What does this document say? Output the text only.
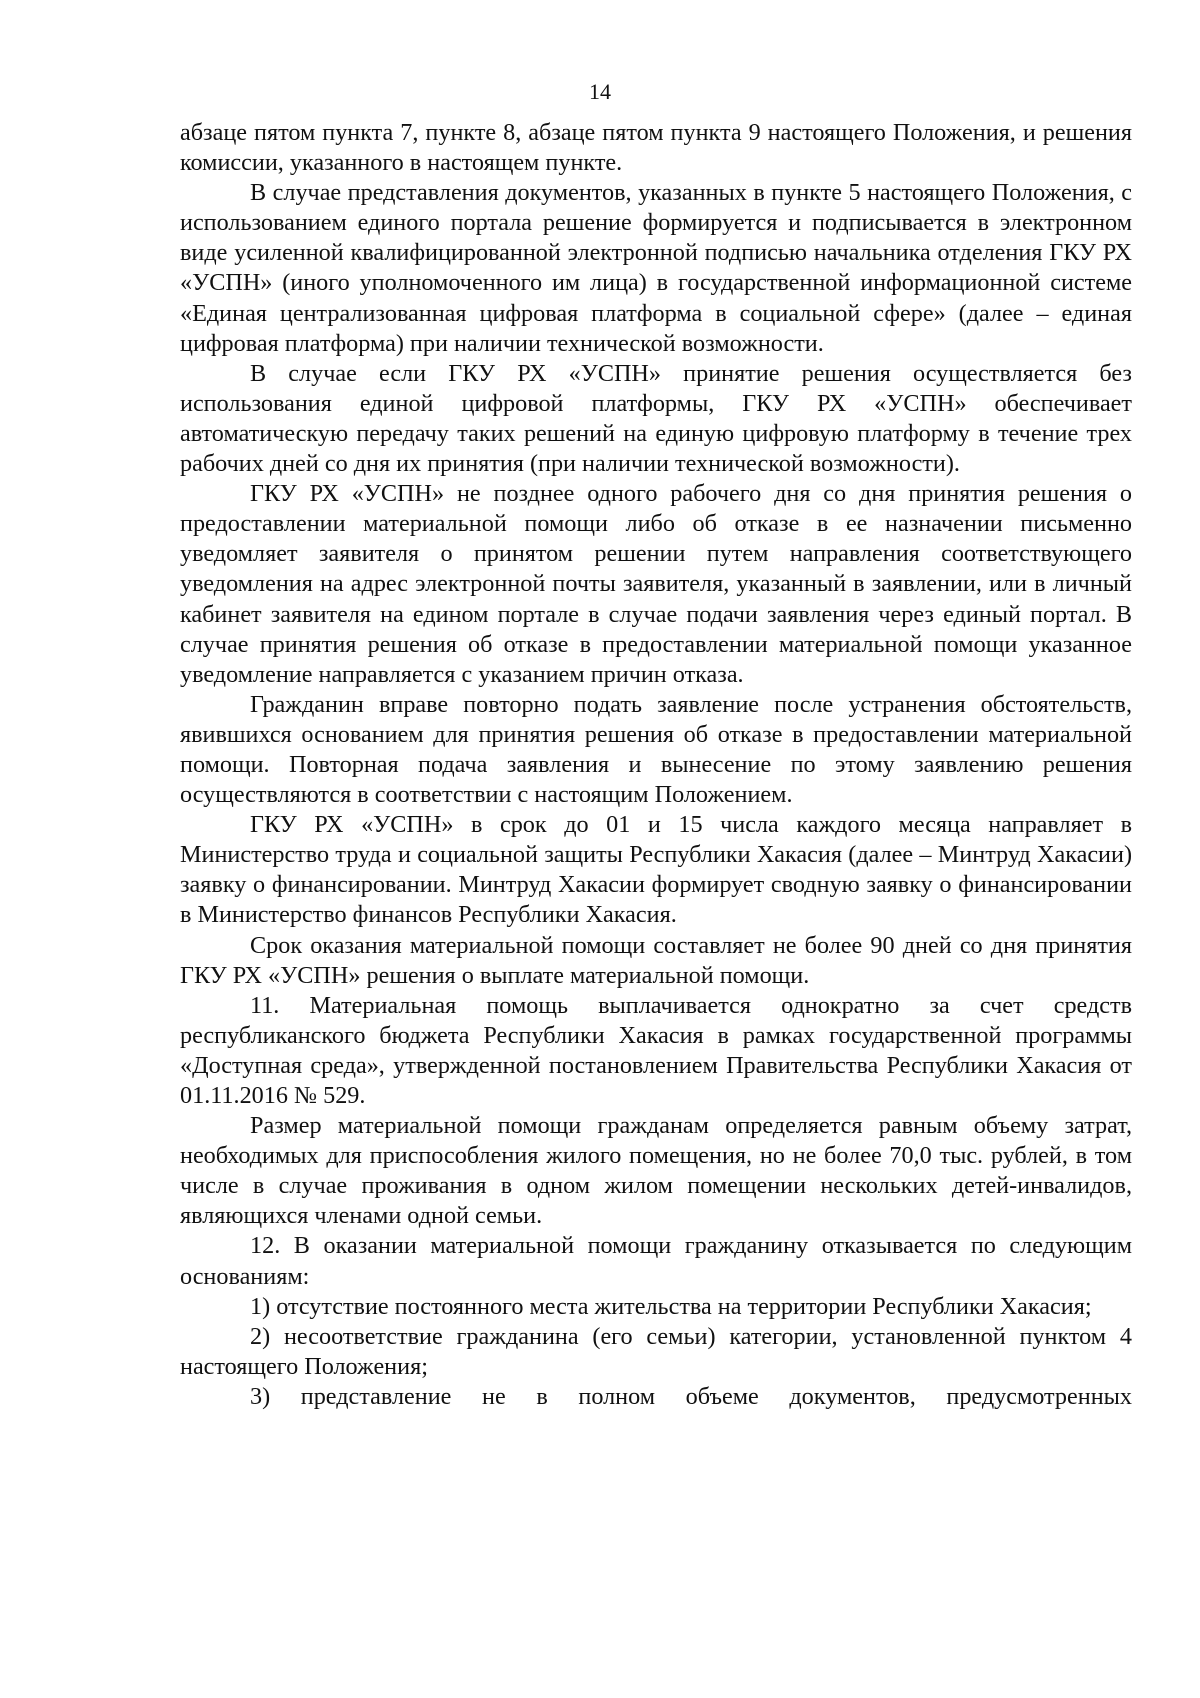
14

абзаце пятом пункта 7, пункте 8, абзаце пятом пункта 9 настоящего Положения, и решения комиссии, указанного в настоящем пункте.

В случае представления документов, указанных в пункте 5 настоящего Положения, с использованием единого портала решение формируется и подписывается в электронном виде усиленной квалифицированной электронной подписью начальника отделения ГКУ РХ «УСПН» (иного уполномоченного им лица) в государственной информационной системе «Единая централизованная цифровая платформа в социальной сфере» (далее – единая цифровая платформа) при наличии технической возможности.

В случае если ГКУ РХ «УСПН» принятие решения осуществляется без использования единой цифровой платформы, ГКУ РХ «УСПН» обеспечивает автоматическую передачу таких решений на единую цифровую платформу в течение трех рабочих дней со дня их принятия (при наличии технической возможности).

ГКУ РХ «УСПН» не позднее одного рабочего дня со дня принятия решения о предоставлении материальной помощи либо об отказе в ее назначении письменно уведомляет заявителя о принятом решении путем направления соответствующего уведомления на адрес электронной почты заявителя, указанный в заявлении, или в личный кабинет заявителя на едином портале в случае подачи заявления через единый портал. В случае принятия решения об отказе в предоставлении материальной помощи указанное уведомление направляется с указанием причин отказа.

Гражданин вправе повторно подать заявление после устранения обстоятельств, явившихся основанием для принятия решения об отказе в предоставлении материальной помощи. Повторная подача заявления и вынесение по этому заявлению решения осуществляются в соответствии с настоящим Положением.

ГКУ РХ «УСПН» в срок до 01 и 15 числа каждого месяца направляет в Министерство труда и социальной защиты Республики Хакасия (далее – Минтруд Хакасии) заявку о финансировании. Минтруд Хакасии формирует сводную заявку о финансировании в Министерство финансов Республики Хакасия.

Срок оказания материальной помощи составляет не более 90 дней со дня принятия ГКУ РХ «УСПН» решения о выплате материальной помощи.

11. Материальная помощь выплачивается однократно за счет средств республиканского бюджета Республики Хакасия в рамках государственной программы «Доступная среда», утвержденной постановлением Правительства Республики Хакасия от 01.11.2016 № 529.

Размер материальной помощи гражданам определяется равным объему затрат, необходимых для приспособления жилого помещения, но не более 70,0 тыс. рублей, в том числе в случае проживания в одном жилом помещении нескольких детей-инвалидов, являющихся членами одной семьи.

12. В оказании материальной помощи гражданину отказывается по следующим основаниям:

1) отсутствие постоянного места жительства на территории Республики Хакасия;

2) несоответствие гражданина (его семьи) категории, установленной пунктом 4 настоящего Положения;

3) представление не в полном объеме документов, предусмотренных
